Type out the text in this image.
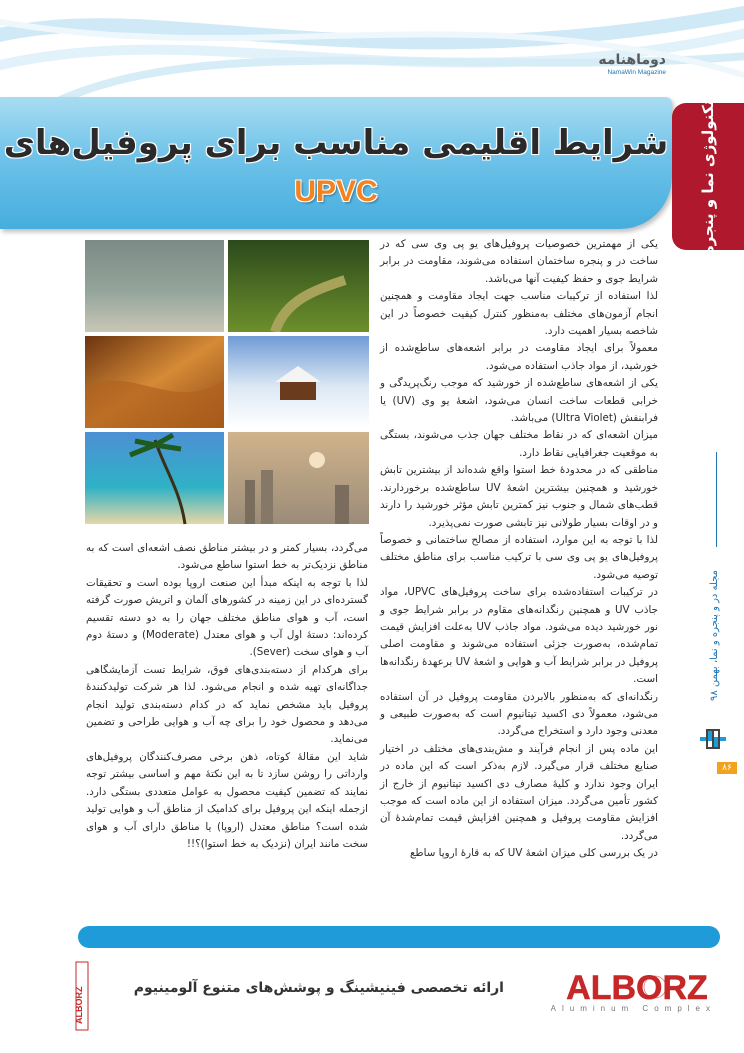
دوماهنامه
NamaWin Magazine
شرایط اقلیمی مناسب برای پروفیل‌های
UPVC	تکنولوژی نما و پنجره
مجله در و پنجره و نما، بهمن ۹۸
۸۶

یکی از مهمترین خصوصیات پروفیل‌های یو پی وی سی که در ساخت در و پنجره ساختمان استفاده می‌شوند، مقاومت در برابر شرایط جوی و حفظ کیفیت آنها می‌باشد.

لذا استفاده از ترکیبات مناسب جهت ایجاد مقاومت و همچنین انجام آزمون‌های مختلف به‌منظور کنترل کیفیت خصوصاً در این شاخصه بسیار اهمیت دارد.

معمولاً برای ایجاد مقاومت در برابر اشعه‌های ساطع‌شده از خورشید، از مواد جاذب استفاده می‌شود.

یکی از اشعه‌های ساطع‌شده از خورشید که موجب رنگ‌پریدگی و خرابی قطعات ساخت انسان می‌شود، اشعهٔ یو وی (UV) یا فرابنفش (Ultra Violet) می‌باشد.

میزان اشعه‌ای که در نقاط مختلف جهان جذب می‌شوند، بستگی به موقعیت جغرافیایی نقاط دارد.

مناطقی که در محدودهٔ خط استوا واقع شده‌اند از بیشترین تابش خورشید و همچنین بیشترین اشعهٔ UV ساطع‌شده برخوردارند. قطب‌های شمال و جنوب نیز کمترین تابش مؤثر خورشید را دارند و در اوقات بسیار طولانی نیز تابشی صورت نمی‌پذیرد.

لذا با توجه به این موارد، استفاده از مصالح ساختمانی و خصوصاً پروفیل‌های یو پی وی سی با ترکیب مناسب برای مناطق مختلف توصیه می‌شود.

در ترکیبات استفاده‌شده برای ساخت پروفیل‌های UPVC، مواد جاذب UV و همچنین رنگدانه‌های مقاوم در برابر شرایط جوی و نور خورشید دیده می‌شود. مواد جاذب UV به‌علت افزایش قیمت تمام‌شده، به‌صورت جزئی استفاده می‌شوند و مقاومت اصلی پروفیل در برابر شرایط آب و هوایی و اشعهٔ UV برعهدهٔ رنگدانه‌ها است.

رنگدانه‌ای که به‌منظور بالابردن مقاومت پروفیل در آن استفاده می‌شود، معمولاً دی اکسید تیتانیوم است که به‌صورت طبیعی و معدنی وجود دارد و استخراج می‌گردد.

این ماده پس از انجام فرآیند و مش‌بندی‌های مختلف در اختیار صنایع مختلف قرار می‌گیرد. لازم به‌ذکر است که این ماده در ایران وجود ندارد و کلیهٔ مصارف دی اکسید تیتانیوم از خارج از کشور تأمین می‌گردد. میزان استفاده از این ماده است که موجب افزایش مقاومت پروفیل و همچنین افزایش قیمت تمام‌شدهٔ آن می‌گردد.

در یک بررسی کلی میزان اشعهٔ UV که به قارهٔ اروپا ساطع

می‌گردد، بسیار کمتر و در بیشتر مناطق نصف اشعه‌ای است که به مناطق نزدیک‌تر به خط استوا ساطع می‌شود.

لذا با توجه به اینکه مبدأ این صنعت اروپا بوده است و تحقیقات گسترده‌ای در این زمینه در کشورهای آلمان و اتریش صورت گرفته است، آب و هوای مناطق مختلف جهان را به دو دسته تقسیم کرده‌اند: دستهٔ اول آب و هوای معتدل (Moderate) و دستهٔ دوم آب و هوای سخت (Sever).

برای هرکدام از دسته‌بندی‌های فوق، شرایط تست آزمایشگاهی جداگانه‌ای تهیه شده و انجام می‌شود. لذا هر شرکت تولیدکنندهٔ پروفیل باید مشخص نماید که در کدام دسته‌بندی تولید انجام می‌دهد و محصول خود را برای چه آب و هوایی طراحی و تضمین می‌نماید.

شاید این مقالهٔ کوتاه، ذهن برخی مصرف‌کنندگان پروفیل‌های وارداتی را روشن سازد تا به این نکتهٔ مهم و اساسی بیشتر توجه نمایند که تضمین کیفیت محصول به عوامل متعددی بستگی دارد. ازجمله اینکه این پروفیل برای کدامیک از مناطق آب و هوایی تولید شده است؟ مناطق معتدل (اروپا) یا مناطق دارای آب و هوای سخت مانند ایران (نزدیک به خط استوا)؟!!

ALBORZ	ارائه تخصصی فینیشینگ و پوشش‌های متنوع آلومینیوم ALBORZ
Aluminum Complex
